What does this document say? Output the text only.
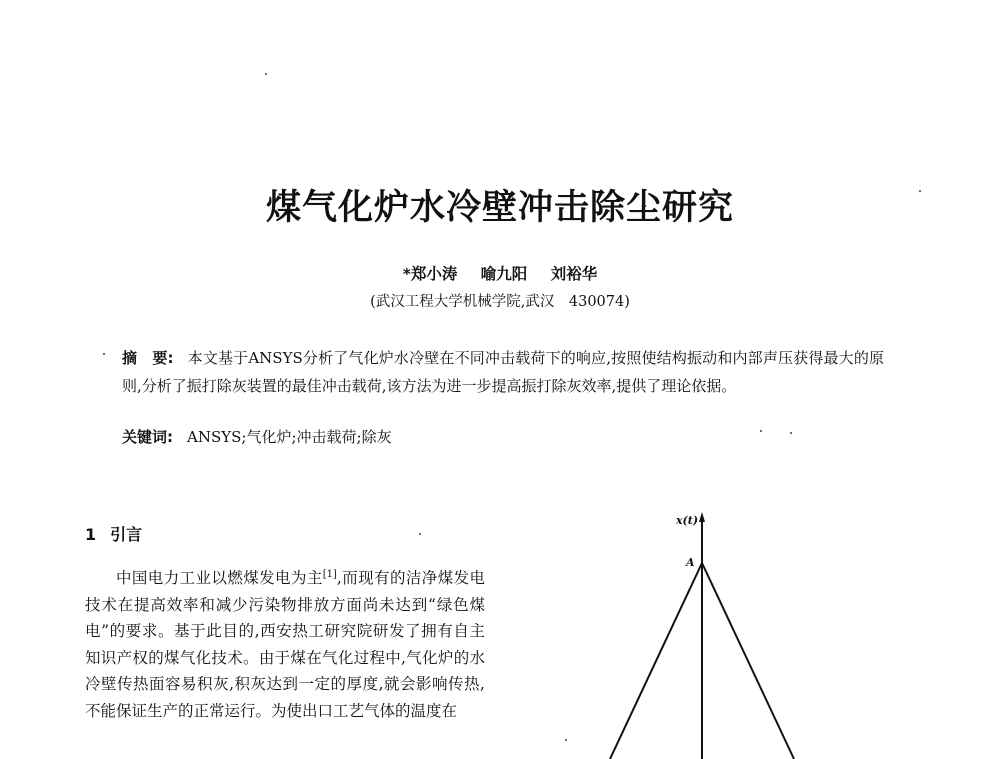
煤气化炉水冷壁冲击除尘研究
*郑小涛 喻九阳 刘裕华
(武汉工程大学机械学院,武汉　430074)

摘　要: 本文基于ANSYS分析了气化炉水冷壁在不同冲击载荷下的响应,按照使结构振动和内部声压获得最大的原则,分析了振打除灰装置的最佳冲击载荷,该方法为进一步提高振打除灰效率,提供了理论依据。

关键词: ANSYS;气化炉;冲击载荷;除灰

1 引言

中国电力工业以燃煤发电为主[1],而现有的洁净煤发电技术在提高效率和减少污染物排放方面尚未达到“绿色煤电”的要求。基于此目的,西安热工研究院研发了拥有自主知识产权的煤气化技术。由于煤在气化过程中,气化炉的水冷壁传热面容易积灰,积灰达到一定的厚度,就会影响传热,不能保证生产的正常运行。为使出口工艺气体的温度在

x(t)
A
